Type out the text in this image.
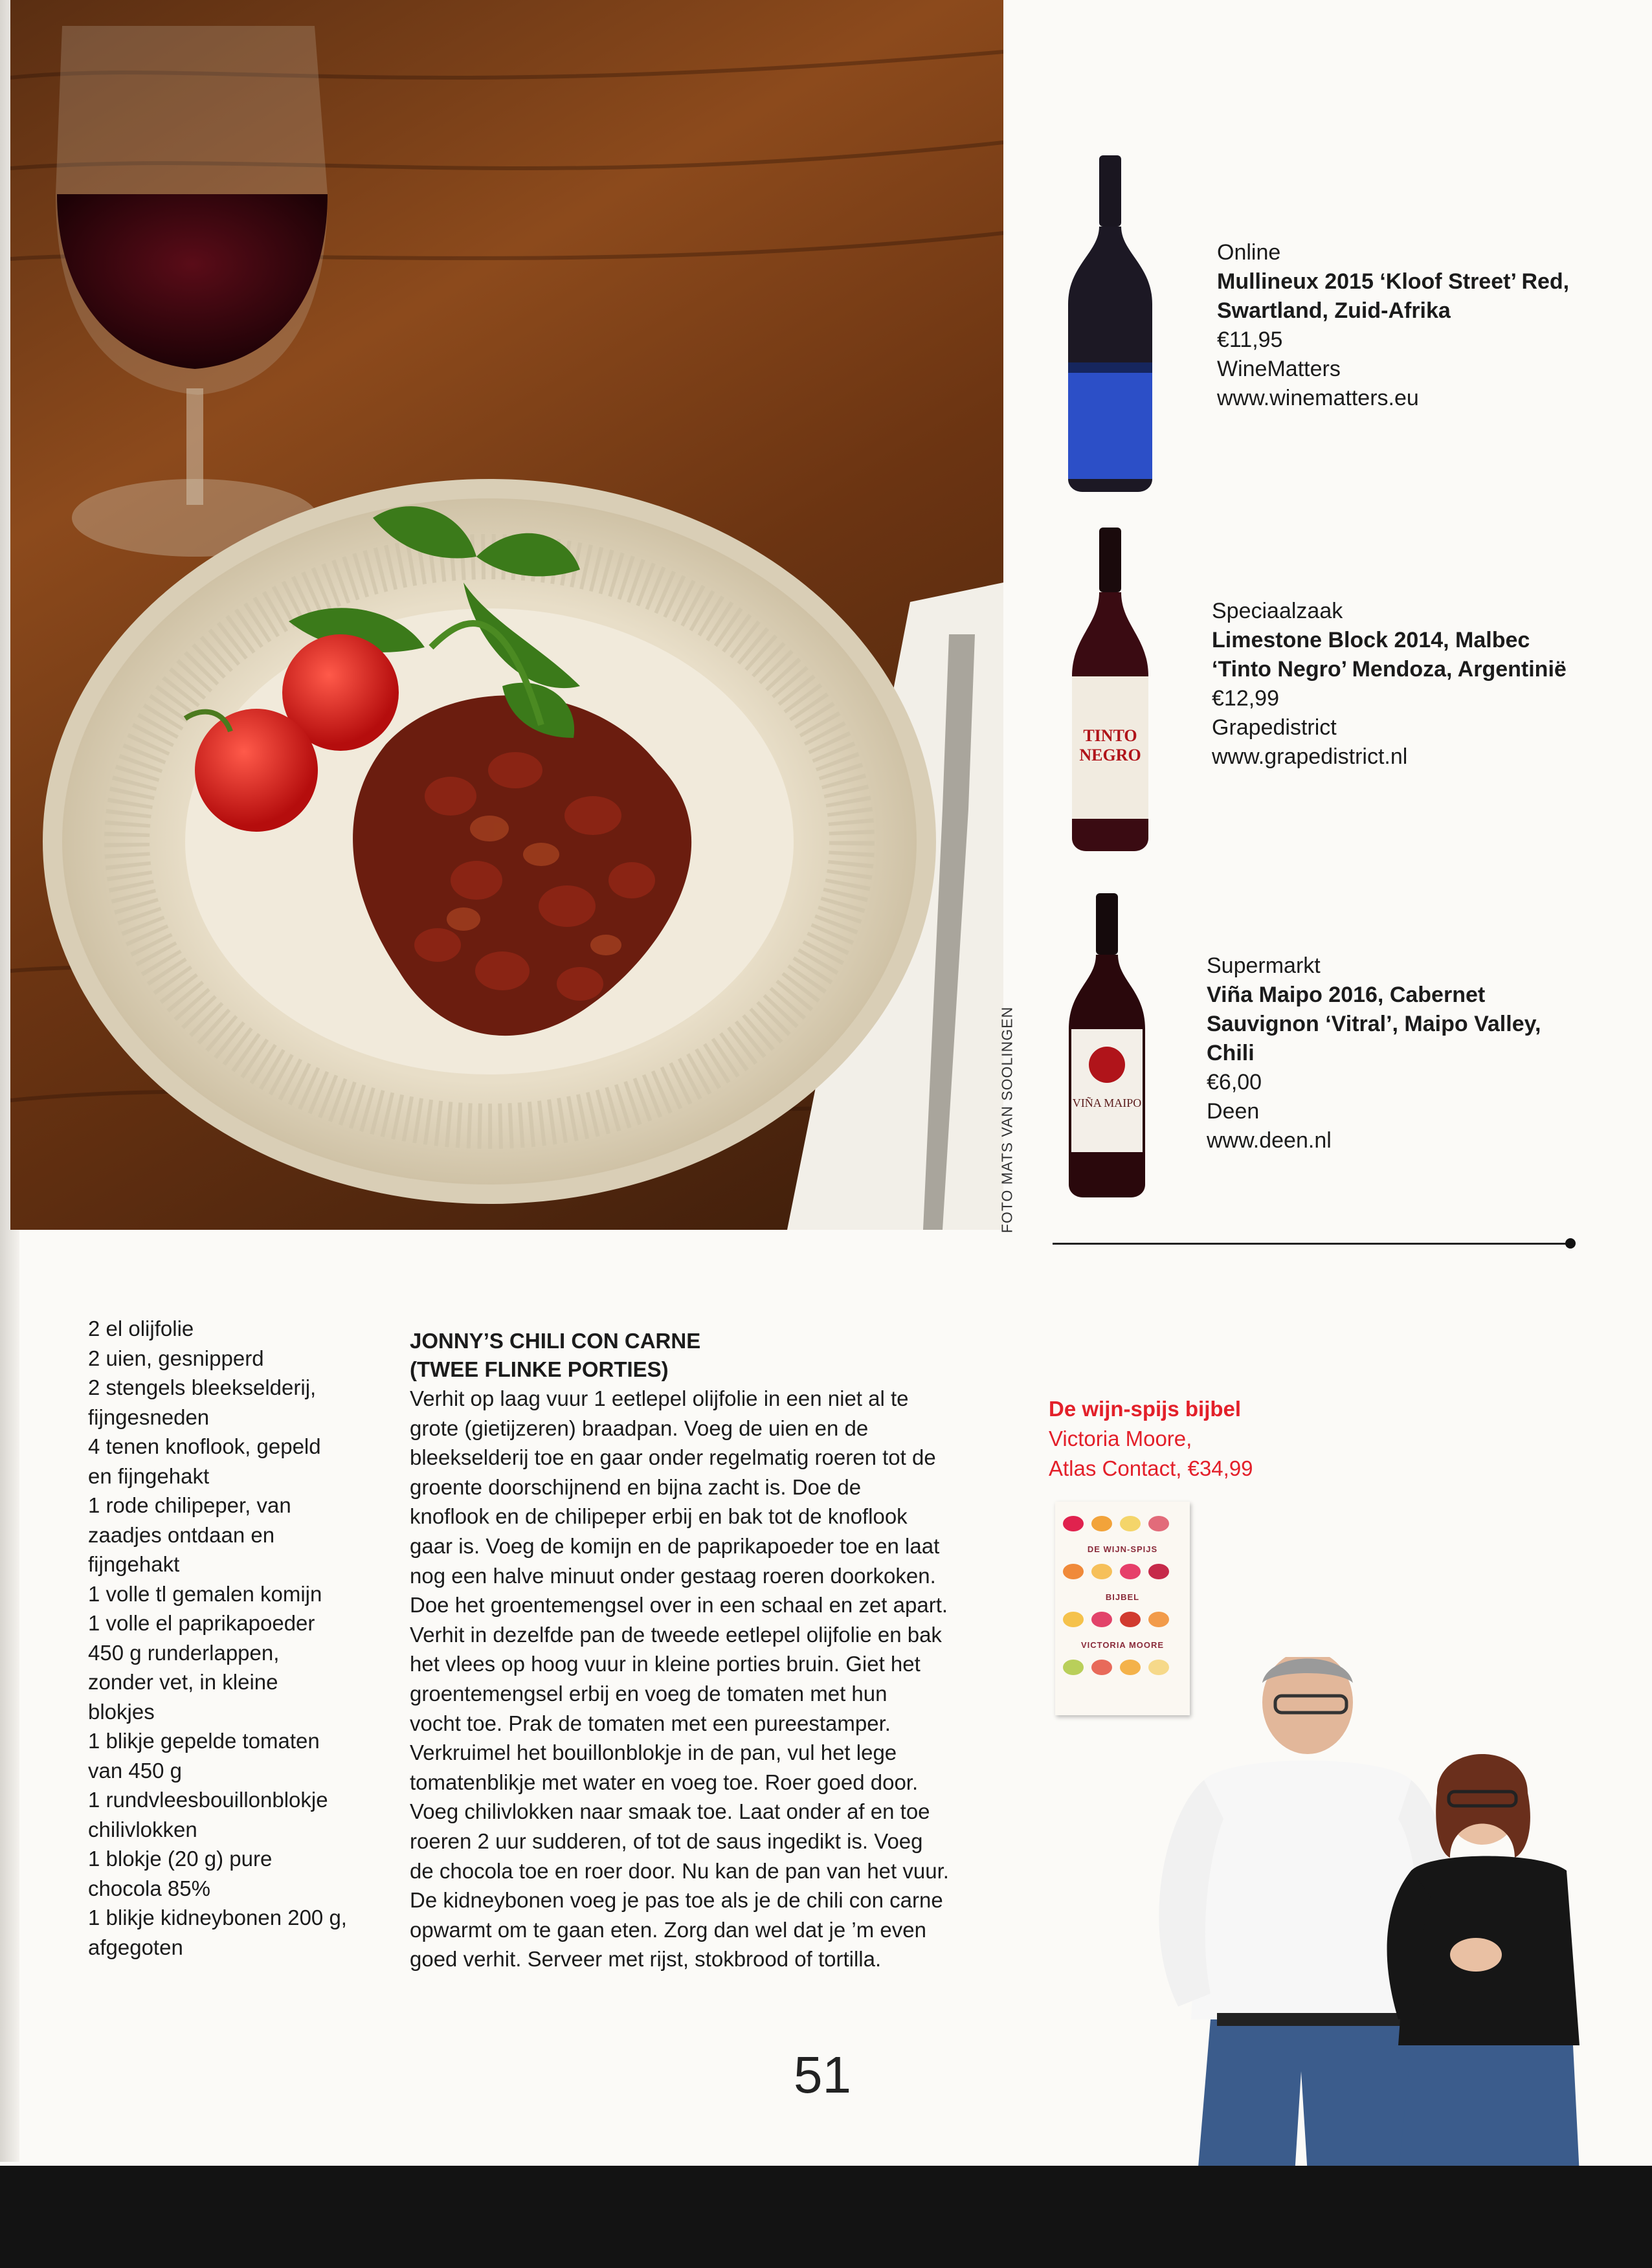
FOTO MATS VAN SOOLINGEN
Online
Mullineux 2015 ‘Kloof Street’ Red,
Swartland, Zuid-Afrika
€11,95
WineMatters
www.winematters.eu
TINTO
NEGRO
Speciaalzaak
Limestone Block 2014, Malbec
‘Tinto Negro’ Mendoza, Argentinië
€12,99
Grapedistrict
www.grapedistrict.nl
VIÑA MAIPO
Supermarkt
Viña Maipo 2016, Cabernet
Sauvignon ‘Vitral’, Maipo Valley,
Chili
€6,00
Deen
www.deen.nl
2 el olijfolie
2 uien, gesnipperd
2 stengels bleekselderij,
fijngesneden
4 tenen knoflook, gepeld
en fijngehakt
1 rode chilipeper, van
zaadjes ontdaan en
fijngehakt
1 volle tl gemalen komijn
1 volle el paprikapoeder
450 g runderlappen,
zonder vet, in kleine
blokjes
1 blikje gepelde tomaten
van 450 g
1 rundvleesbouillonblokje
chilivlokken
1 blokje (20 g) pure
chocola 85%
1 blikje kidneybonen 200 g,
afgegoten
JONNY’S CHILI CON CARNE
(TWEE FLINKE PORTIES)

Verhit op laag vuur 1 eetlepel olijfolie in een niet al te

grote (gietijzeren) braadpan. Voeg de uien en de

bleekselderij toe en gaar onder regelmatig roeren tot de

groente doorschijnend en bijna zacht is. Doe de

knoflook en de chilipeper erbij en bak tot de knoflook

gaar is. Voeg de komijn en de paprikapoeder toe en laat

nog een halve minuut onder gestaag roeren doorkoken.

Doe het groentemengsel over in een schaal en zet apart.

Verhit in dezelfde pan de tweede eetlepel olijfolie en bak

het vlees op hoog vuur in kleine porties bruin. Giet het

groentemengsel erbij en voeg de tomaten met hun

vocht toe. Prak de tomaten met een pureestamper.

Verkruimel het bouillonblokje in de pan, vul het lege

tomatenblikje met water en voeg toe. Roer goed door.

Voeg chilivlokken naar smaak toe. Laat onder af en toe

roeren 2 uur sudderen, of tot de saus ingedikt is. Voeg

de chocola toe en roer door. Nu kan de pan van het vuur.

De kidneybonen voeg je pas toe als je de chili con carne

opwarmt om te gaan eten. Zorg dan wel dat je ’m even

goed verhit. Serveer met rijst, stokbrood of tortilla.

De wijn-spijs bijbel
Victoria Moore,
Atlas Contact, €34,99
DE WIJN-SPIJS
BIJBEL
VICTORIA MOORE
51
